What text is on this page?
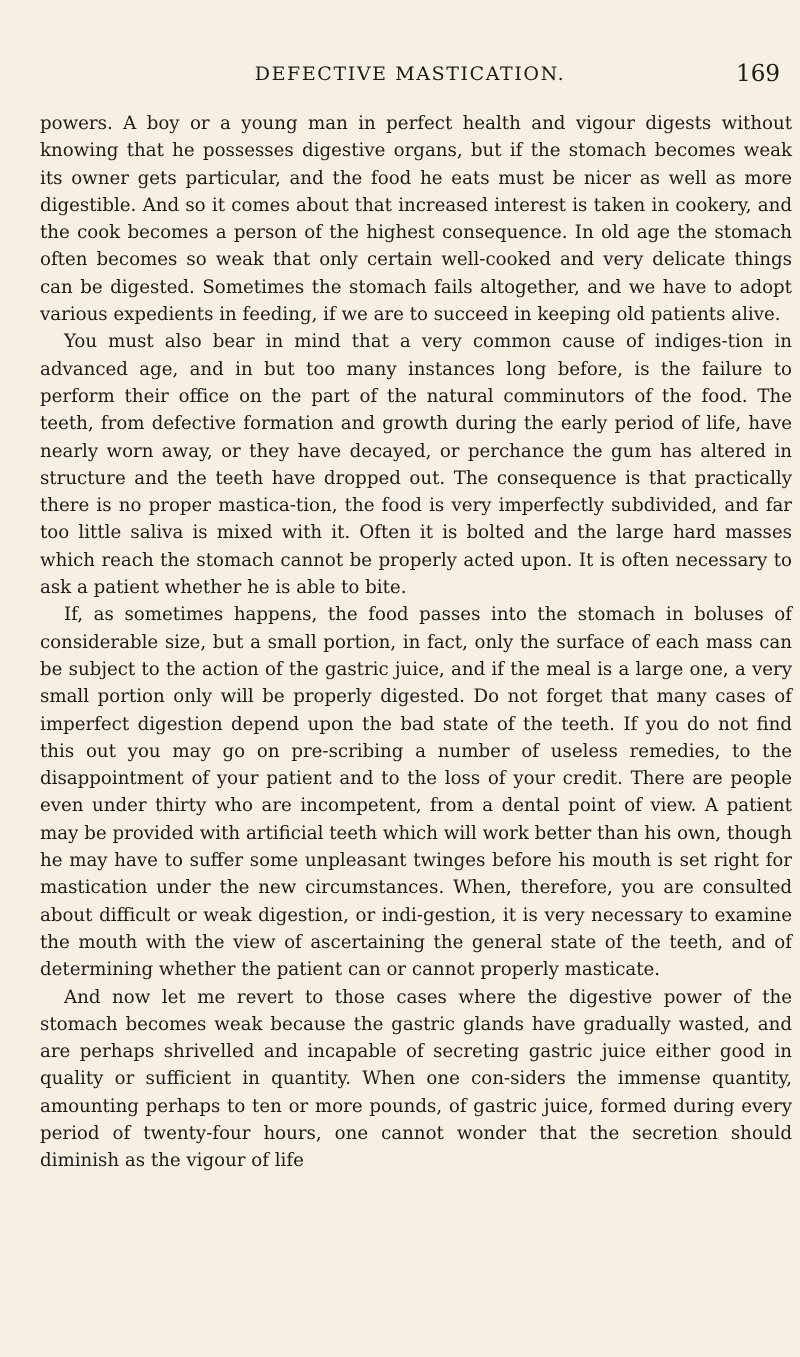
DEFECTIVE MASTICATION.	169

powers. A boy or a young man in perfect health and vigour digests without knowing that he possesses digestive organs, but if the stomach becomes weak its owner gets particular, and the food he eats must be nicer as well as more digestible. And so it comes about that increased interest is taken in cookery, and the cook becomes a person of the highest consequence. In old age the stomach often becomes so weak that only certain well-cooked and very delicate things can be digested. Sometimes the stomach fails altogether, and we have to adopt various expedients in feeding, if we are to succeed in keeping old patients alive.

You must also bear in mind that a very common cause of indiges-tion in advanced age, and in but too many instances long before, is the failure to perform their office on the part of the natural comminutors of the food. The teeth, from defective formation and growth during the early period of life, have nearly worn away, or they have decayed, or perchance the gum has altered in structure and the teeth have dropped out. The consequence is that practically there is no proper mastica-tion, the food is very imperfectly subdivided, and far too little saliva is mixed with it. Often it is bolted and the large hard masses which reach the stomach cannot be properly acted upon. It is often necessary to ask a patient whether he is able to bite.

If, as sometimes happens, the food passes into the stomach in boluses of considerable size, but a small portion, in fact, only the surface of each mass can be subject to the action of the gastric juice, and if the meal is a large one, a very small portion only will be properly digested. Do not forget that many cases of imperfect digestion depend upon the bad state of the teeth. If you do not find this out you may go on pre-scribing a number of useless remedies, to the disappointment of your patient and to the loss of your credit. There are people even under thirty who are incompetent, from a dental point of view. A patient may be provided with artificial teeth which will work better than his own, though he may have to suffer some unpleasant twinges before his mouth is set right for mastication under the new circumstances. When, therefore, you are consulted about difficult or weak digestion, or indi-gestion, it is very necessary to examine the mouth with the view of ascertaining the general state of the teeth, and of determining whether the patient can or cannot properly masticate.

And now let me revert to those cases where the digestive power of the stomach becomes weak because the gastric glands have gradually wasted, and are perhaps shrivelled and incapable of secreting gastric juice either good in quality or sufficient in quantity. When one con-siders the immense quantity, amounting perhaps to ten or more pounds, of gastric juice, formed during every period of twenty-four hours, one cannot wonder that the secretion should diminish as the vigour of life
